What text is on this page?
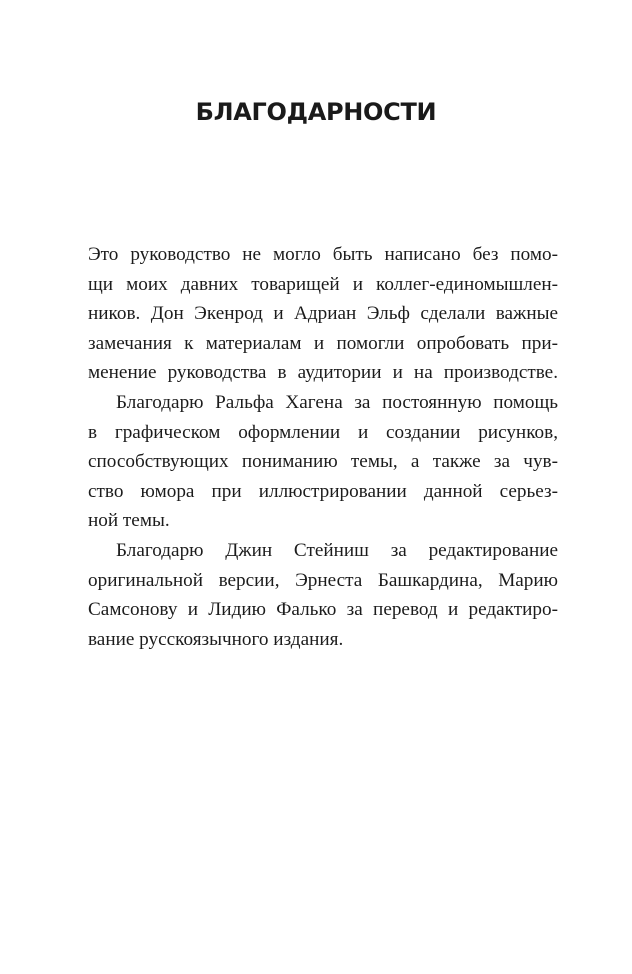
БЛАГОДАРНОСТИ
Это руководство не могло быть написано без помо-
щи моих давних товарищей и коллег-единомышлен-
ников. Дон Экенрод и Адриан Эльф сделали важные
замечания к материалам и помогли опробовать при-
менение руководства в аудитории и на производстве.
Благодарю Ральфа Хагена за постоянную помощь
в графическом оформлении и создании рисунков,
способствующих пониманию темы, а также за чув-
ство юмора при иллюстрировании данной серьез-
ной темы.
Благодарю Джин Стейниш за редактирование
оригинальной версии, Эрнеста Башкардина, Марию
Самсонову и Лидию Фалько за перевод и редактиро-
вание русскоязычного издания.
